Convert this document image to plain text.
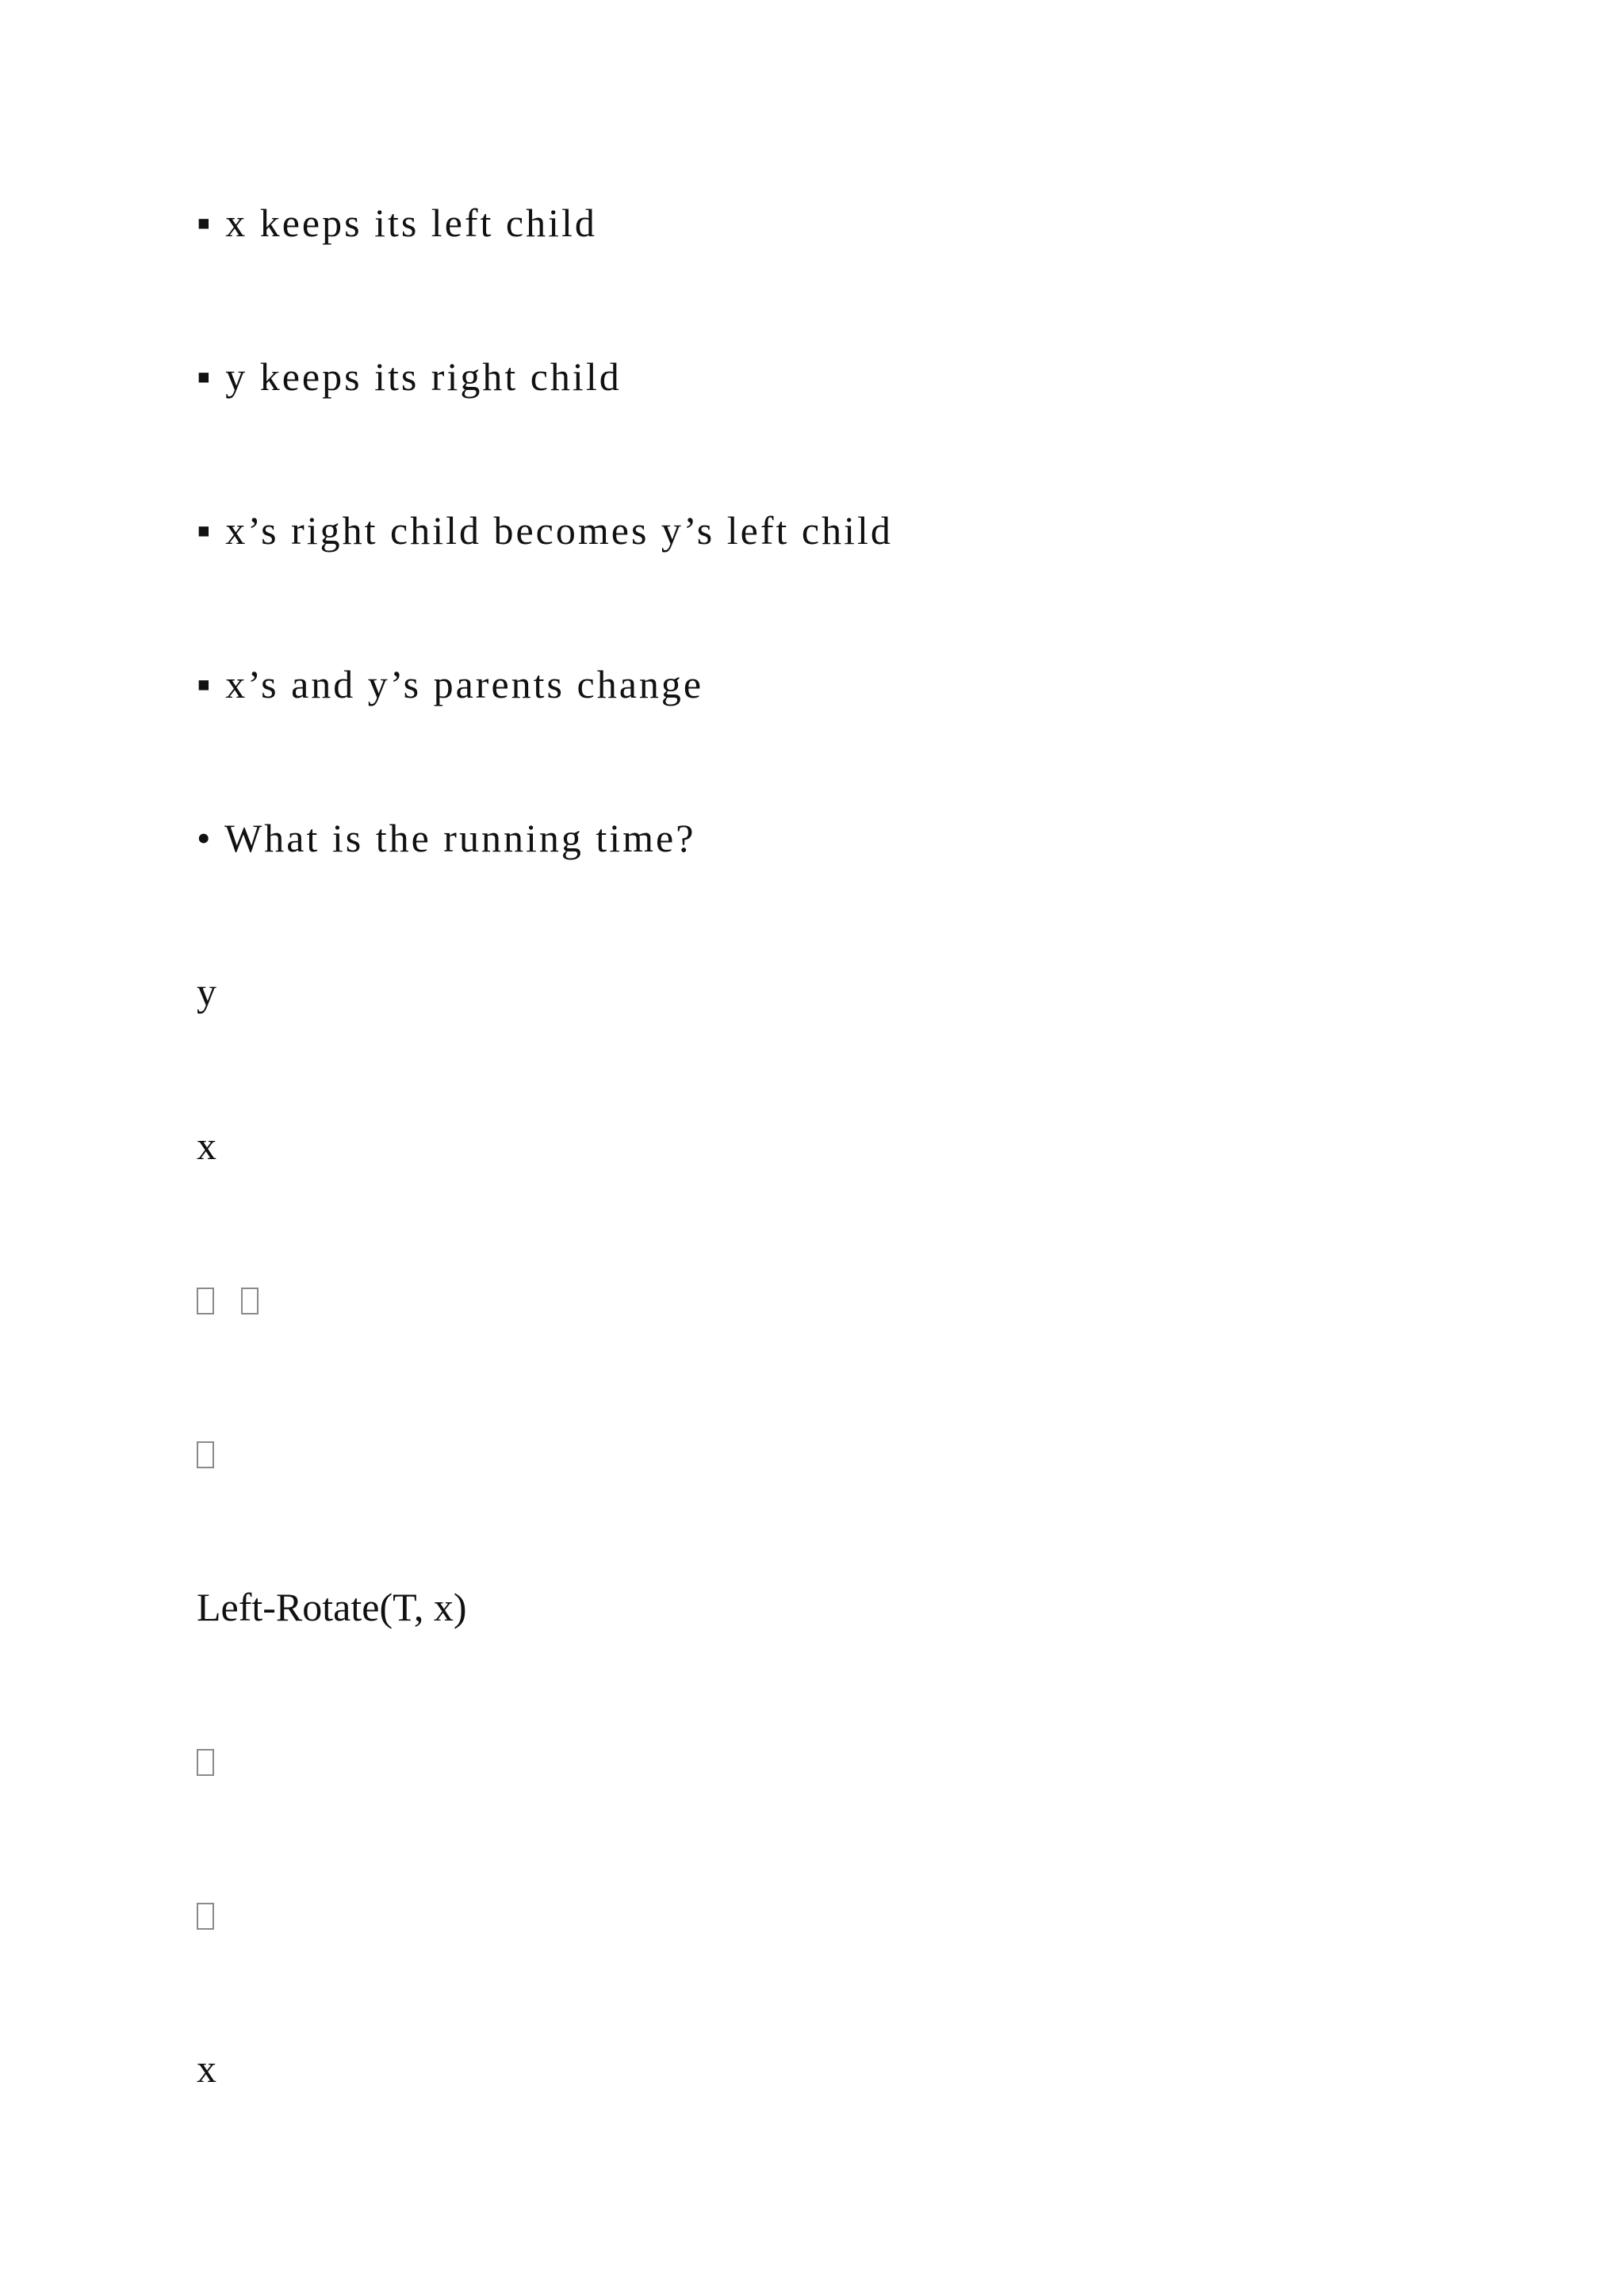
▪ x keeps its left child
▪ y keeps its right child
▪ x’s right child becomes y’s left child
▪ x’s and y’s parents change
• What is the running time?
y
x
Left-Rotate(T, x)
x
